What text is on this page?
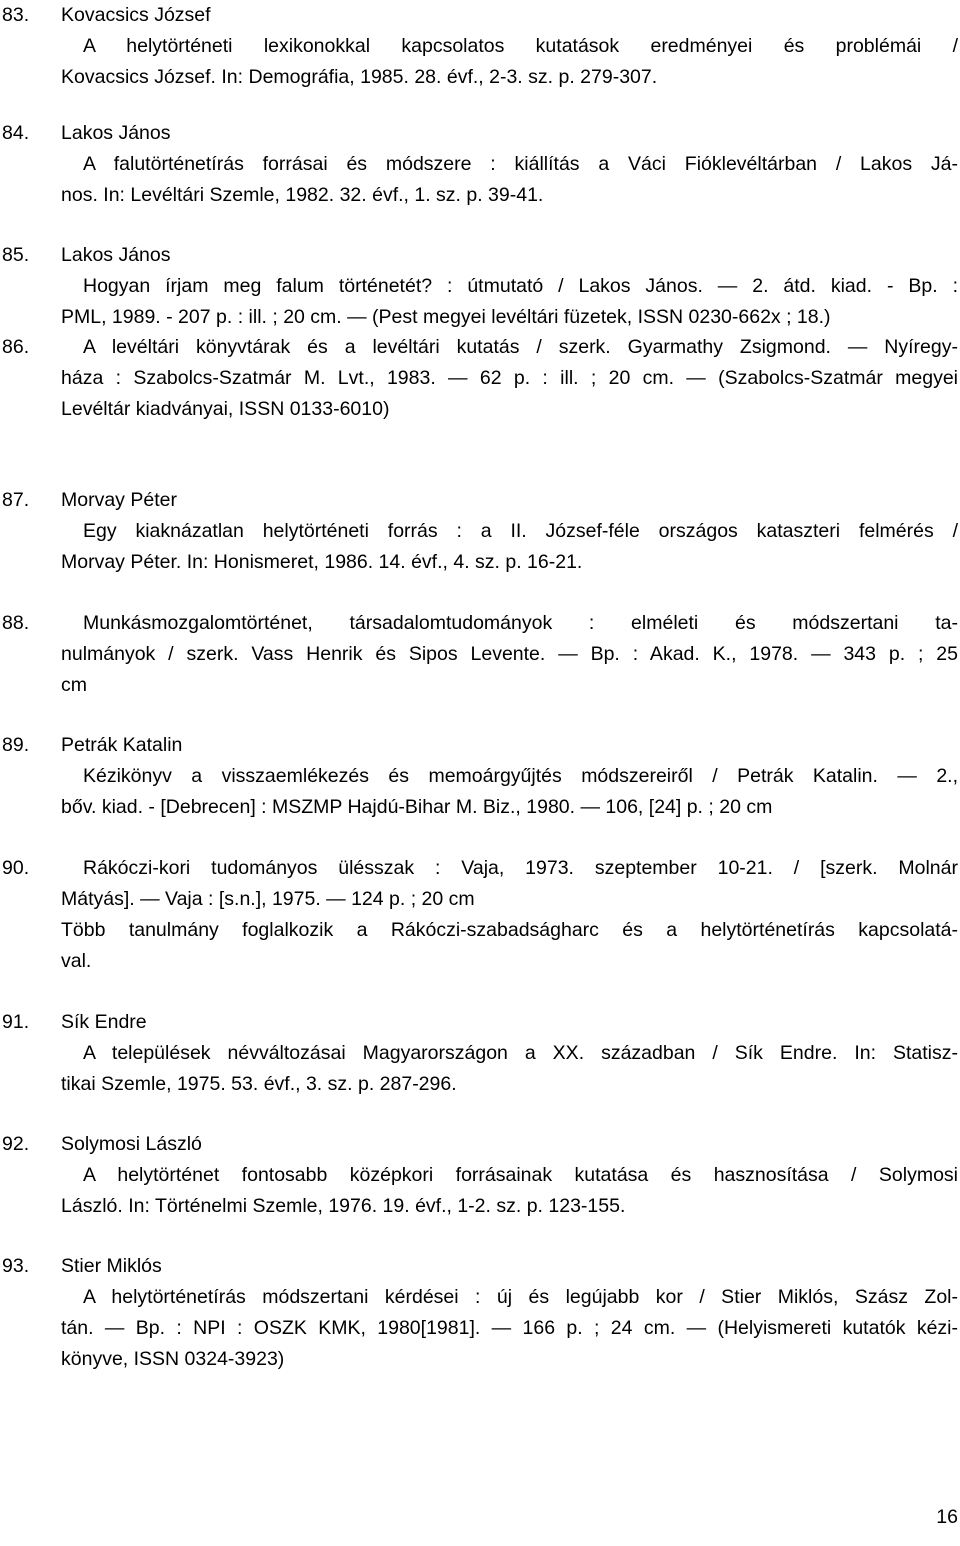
83. Kovacsics József
A helytörténeti lexikonokkal kapcsolatos kutatások eredményei és problémái /
Kovacsics József. In: Demográfia, 1985. 28. évf., 2-3. sz. p. 279-307.
84. Lakos János
A falutörténetírás forrásai és módszere : kiállítás a Váci Fióklevéltárban / Lakos Já-
nos. In: Levéltári Szemle, 1982. 32. évf., 1. sz. p. 39-41.
85. Lakos János
Hogyan írjam meg falum történetét? : útmutató / Lakos János. — 2. átd. kiad. - Bp. :
PML, 1989. - 207 p. : ill. ; 20 cm. — (Pest megyei levéltári füzetek, ISSN 0230-662x ; 18.)
86.	A levéltári könyvtárak és a levéltári kutatás / szerk. Gyarmathy Zsigmond. — Nyíregy-
háza : Szabolcs-Szatmár M. Lvt., 1983. — 62 p. : ill. ; 20 cm. — (Szabolcs-Szatmár megyei
Levéltár kiadványai, ISSN 0133-6010)
87. Morvay Péter
Egy kiaknázatlan helytörténeti forrás : a II. József-féle országos kataszteri felmérés /
Morvay Péter. In: Honismeret, 1986. 14. évf., 4. sz. p. 16-21.
88.	Munkásmozgalomtörténet, társadalomtudományok : elméleti és módszertani ta-
nulmányok / szerk. Vass Henrik és Sipos Levente. — Bp. : Akad. K., 1978. — 343 p. ; 25
cm
89. Petrák Katalin
Kézikönyv a visszaemlékezés és memoárgyűjtés módszereiről / Petrák Katalin. — 2.,
bőv. kiad. - [Debrecen] : MSZMP Hajdú-Bihar M. Biz., 1980. — 106, [24] p. ; 20 cm
90.	Rákóczi-kori tudományos ülésszak : Vaja, 1973. szeptember 10-21. / [szerk. Molnár
Mátyás]. — Vaja : [s.n.], 1975. — 124 p. ; 20 cm
Több tanulmány foglalkozik a Rákóczi-szabadságharc és a helytörténetírás kapcsolatá-
val.
91. Sík Endre
A települések névváltozásai Magyarországon a XX. században / Sík Endre. In: Statisz-
tikai Szemle, 1975. 53. évf., 3. sz. p. 287-296.
92. Solymosi László
A helytörténet fontosabb középkori forrásainak kutatása és hasznosítása / Solymosi
László. In: Történelmi Szemle, 1976. 19. évf., 1-2. sz. p. 123-155.
93. Stier Miklós
A helytörténetírás módszertani kérdései : új és legújabb kor / Stier Miklós, Szász Zol-
tán. — Bp. : NPI : OSZK KMK, 1980[1981]. — 166 p. ; 24 cm. — (Helyismereti kutatók kézi-
könyve, ISSN 0324-3923)
16
